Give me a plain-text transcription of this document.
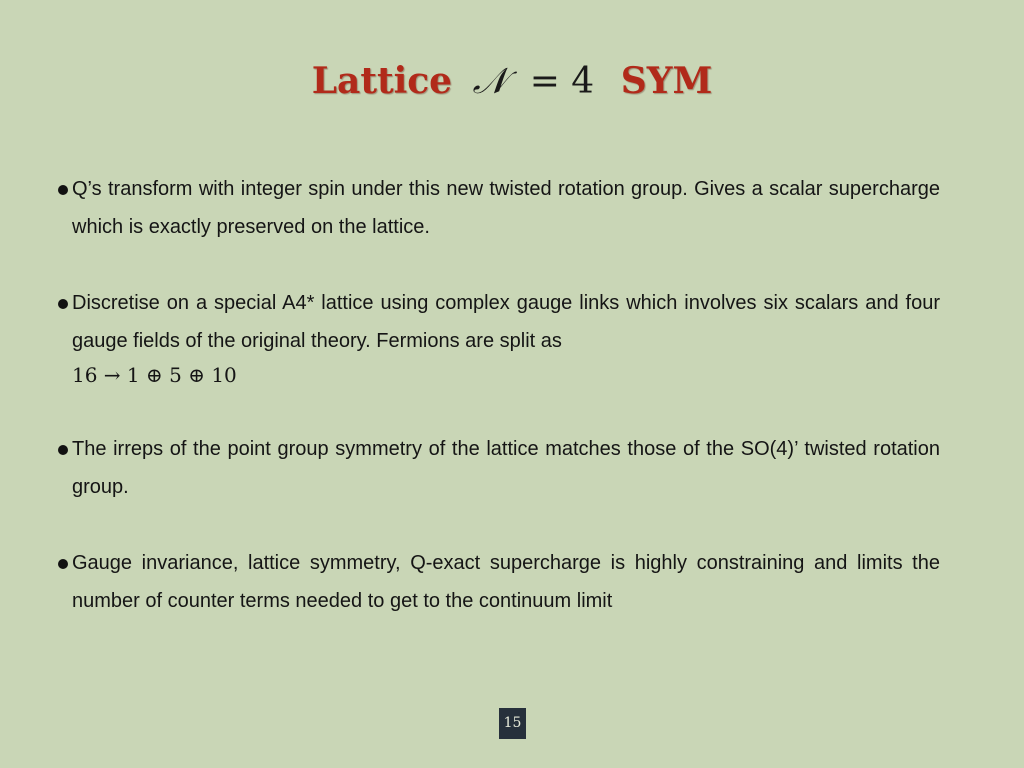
Lattice 𝒩 = 4 SYM
Q’s transform with integer spin under this new twisted rotation group. Gives a scalar supercharge which is exactly preserved on the lattice.
Discretise on a special A4* lattice using complex gauge links which involves six scalars and four gauge fields of the original theory. Fermions are split as
16 → 1 ⊕ 5 ⊕ 10
The irreps of the point group symmetry of the lattice matches those of the SO(4)’ twisted rotation group.
Gauge invariance, lattice symmetry, Q-exact supercharge is highly constraining and limits the number of counter terms needed to get to the continuum limit
15
